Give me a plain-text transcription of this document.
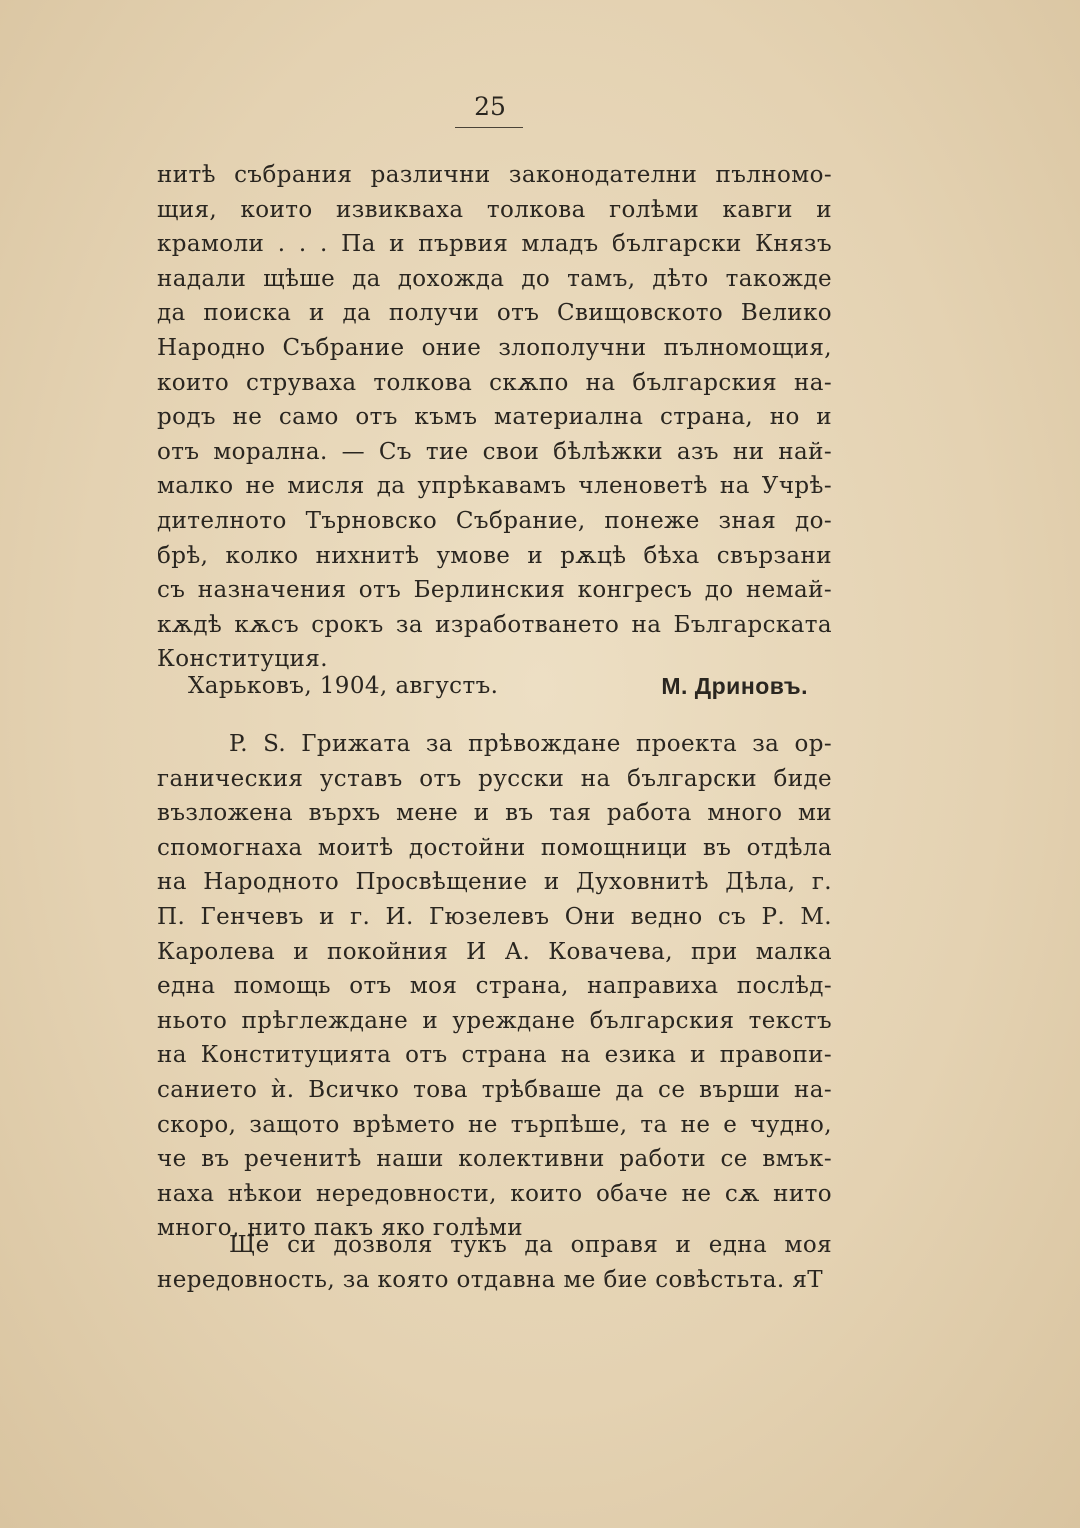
25
нитѣ събрания различни законодателни пълномо-
щия, които извикваха толкова голѣми кавги и
крамоли . . . Па и първия младъ български Князъ
надали щѣше да дохожда до тамъ, дѣто такожде
да поиска и да получи отъ Свищовското Велико
Народно Събрание оние злополучни пълномощия,
които струваха толкова скѫпо на българския на-
родъ не само отъ къмъ материална страна, но и
отъ морална. — Съ тие свои бѣлѣжки азъ ни най-
малко не мисля да упрѣкавамъ членоветѣ на Учрѣ-
дителното Търновско Събрание, понеже зная до-
брѣ, колко нихнитѣ умове и рѫцѣ бѣха свързани
съ назначения отъ Берлинския конгресъ до немай-
кѫдѣ кѫсъ срокъ за изработването на Българската
Конституция.
Харьковъ, 1904, августъ.	М. Дриновъ.
P. S. Грижата за прѣвождане проекта за ор-
ганическия уставъ отъ русски на български биде
възложена върхъ мене и въ тая работа много ми
спомогнаха моитѣ достойни помощници въ отдѣла
на Народното Просвѣщение и Духовнитѣ Дѣла, г.
П. Генчевъ и г. И. Гюзелевъ Они ведно съ Р. М.
Каролева и покойния И А. Ковачева, при малка
една помощь отъ моя страна, направиха послѣд-
ньото прѣглеждане и уреждане българския текстъ
на Конституцията отъ страна на езика и правопи-
санието ѝ. Всичко това трѣбваше да се върши на-
скоро, защото врѣмето не търпѣше, та не е чудно,
че въ реченитѣ наши колективни работи се вмък-
наха нѣкои нередовности, които обаче не сѫ нито
много, нито пакъ яко голѣми
Ще си дозволя тукъ да оправя и една моя
нередовность, за която отдавна ме бие совѣстьта. яТ
